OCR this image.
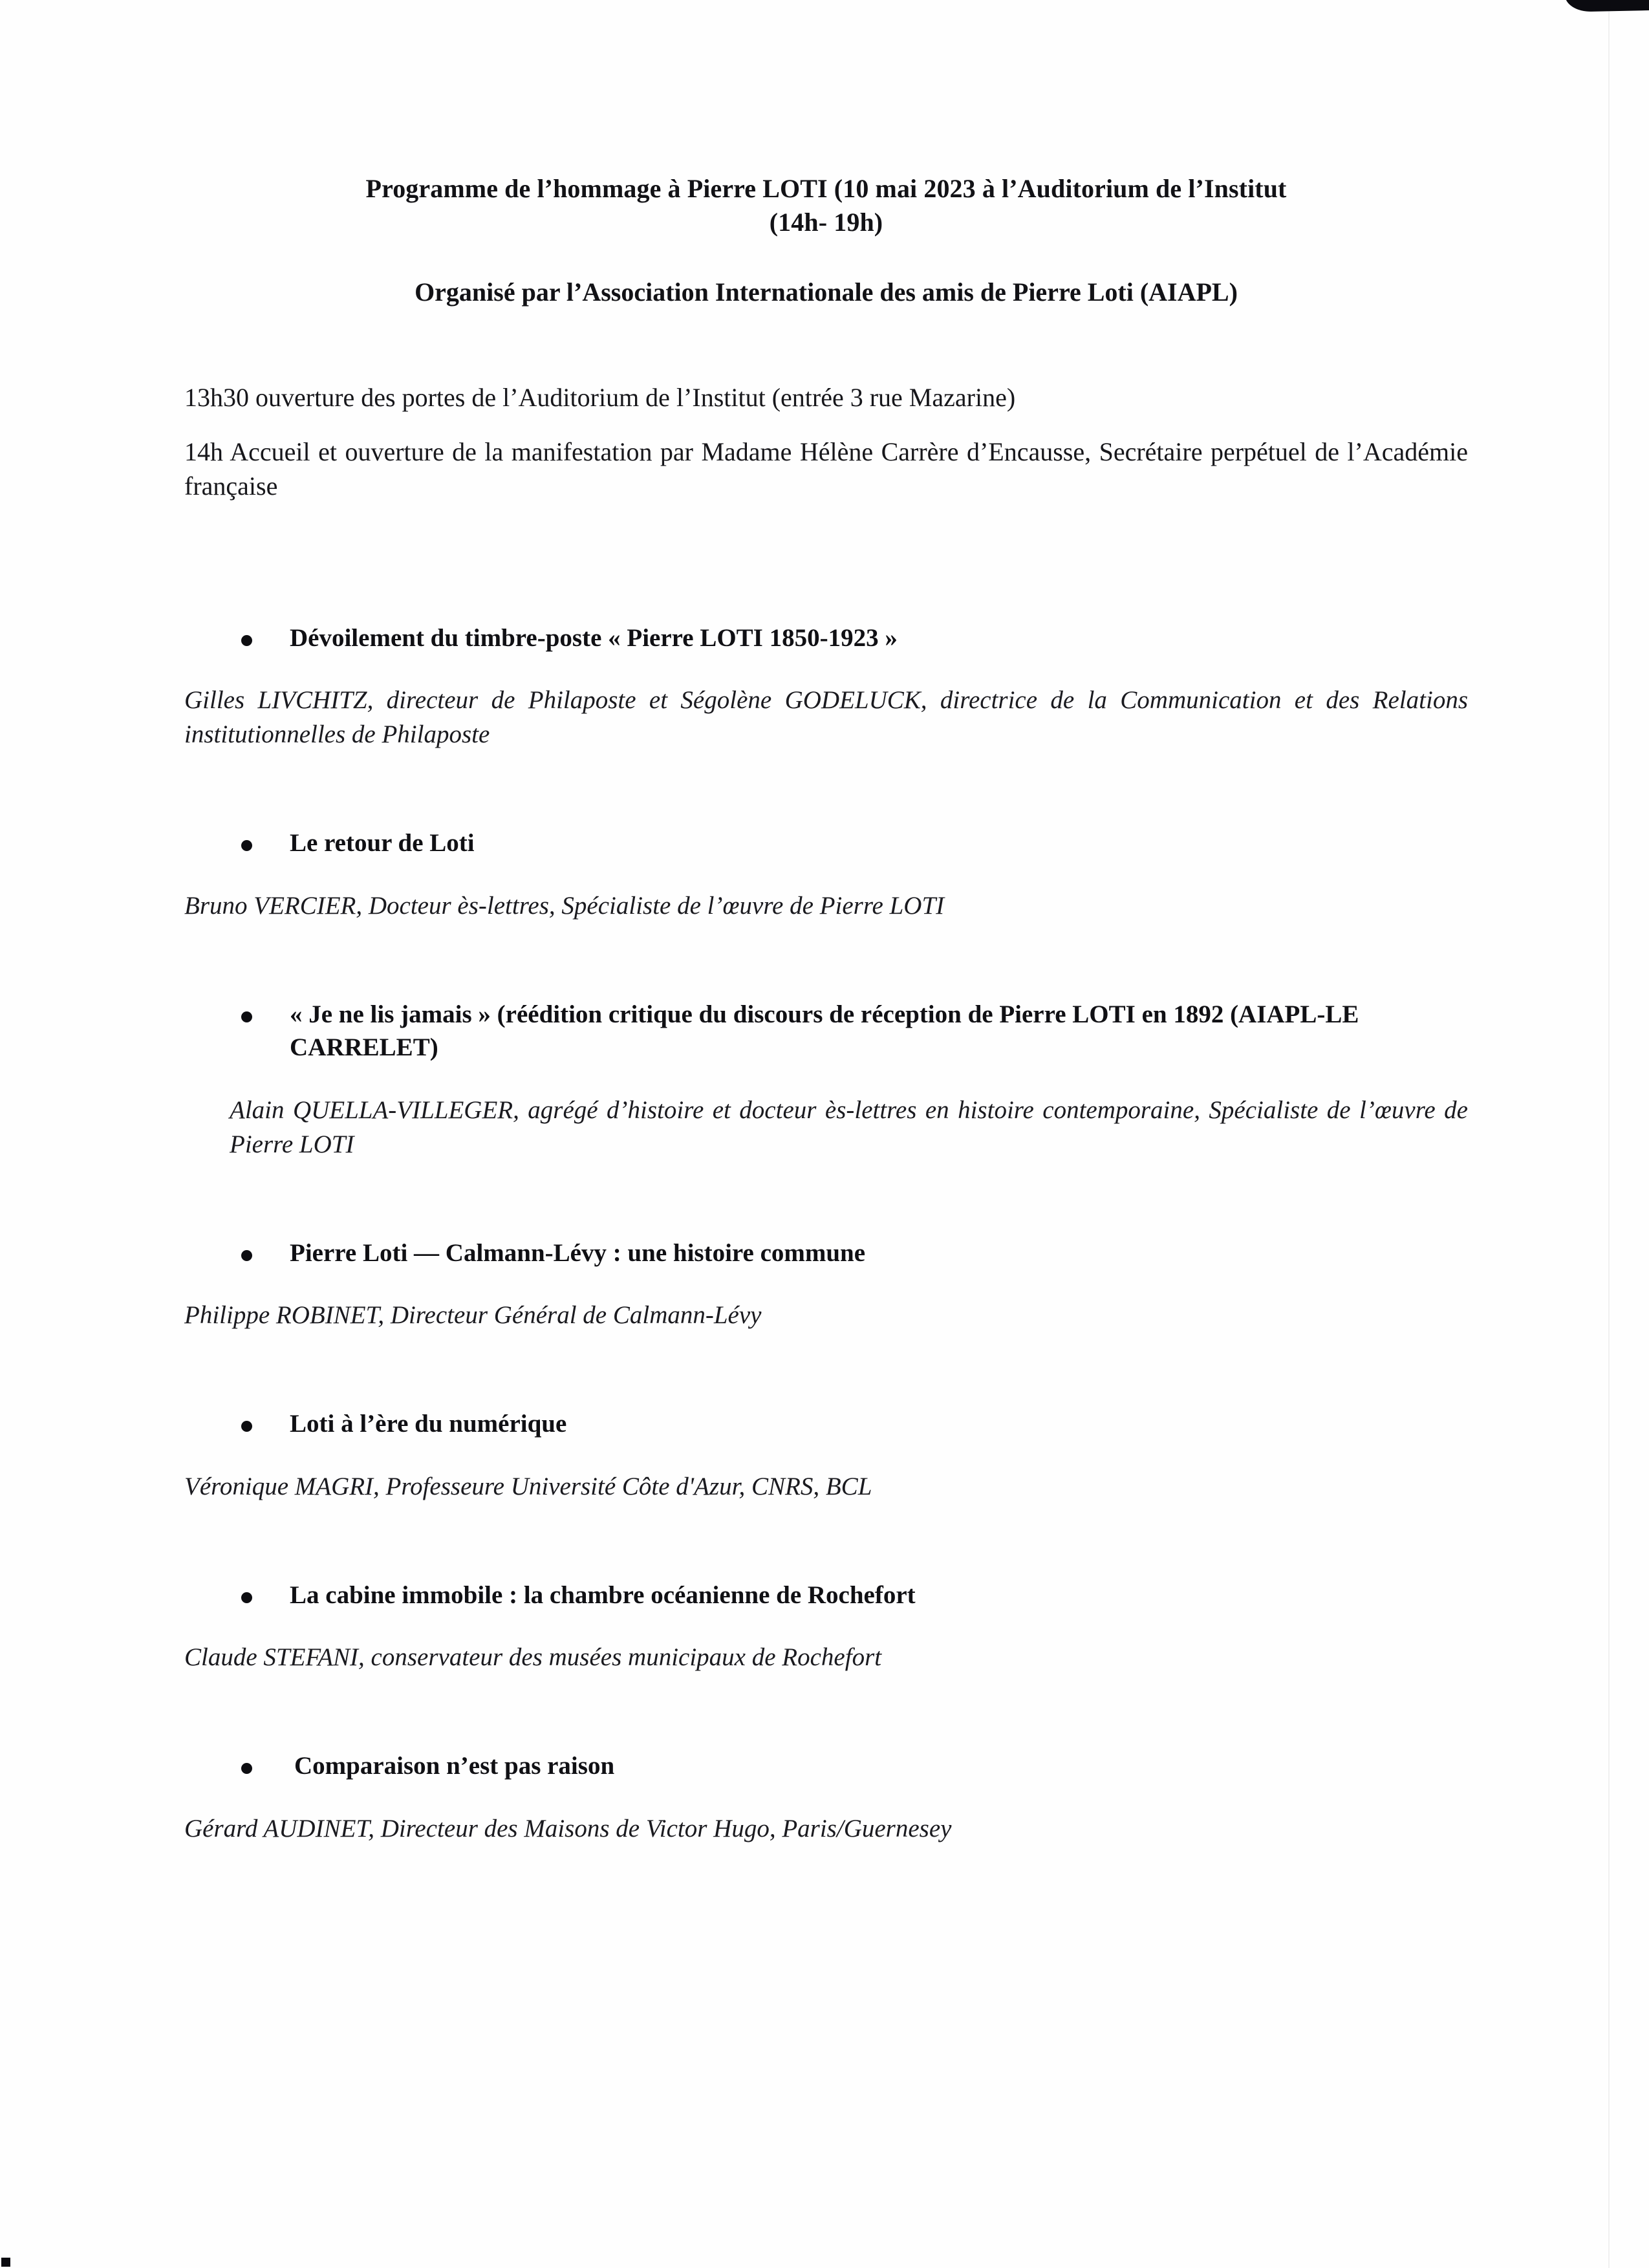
Programme de l’hommage à Pierre LOTI (10 mai 2023 à l’Auditorium de l’Institut
(14h- 19h)
Organisé par l’Association Internationale des amis de Pierre Loti (AIAPL)

13h30 ouverture des portes de l’Auditorium de l’Institut (entrée 3 rue Mazarine)

14h Accueil et ouverture de la manifestation par Madame Hélène Carrère d’Encausse, Secrétaire perpétuel de l’Académie française

Dévoilement du timbre-poste « Pierre LOTI 1850-1923 »

Gilles LIVCHITZ, directeur de Philaposte et Ségolène GODELUCK, directrice de la Communication et des Relations institutionnelles de Philaposte

Le retour de Loti

Bruno VERCIER, Docteur ès-lettres, Spécialiste de l’œuvre de Pierre LOTI

« Je ne lis jamais » (réédition critique du discours de réception de Pierre LOTI en 1892 (AIAPL-LE CARRELET)

Alain QUELLA-VILLEGER, agrégé d’histoire et docteur ès-lettres en histoire contemporaine, Spécialiste de l’œuvre de Pierre LOTI

Pierre Loti — Calmann-Lévy : une histoire commune

Philippe ROBINET, Directeur Général de Calmann-Lévy

Loti à l’ère du numérique

Véronique MAGRI, Professeure Université Côte d'Azur, CNRS, BCL

La cabine immobile : la chambre océanienne de Rochefort

Claude STEFANI, conservateur des musées municipaux de Rochefort

Comparaison n’est pas raison

Gérard AUDINET, Directeur des Maisons de Victor Hugo, Paris/Guernesey
